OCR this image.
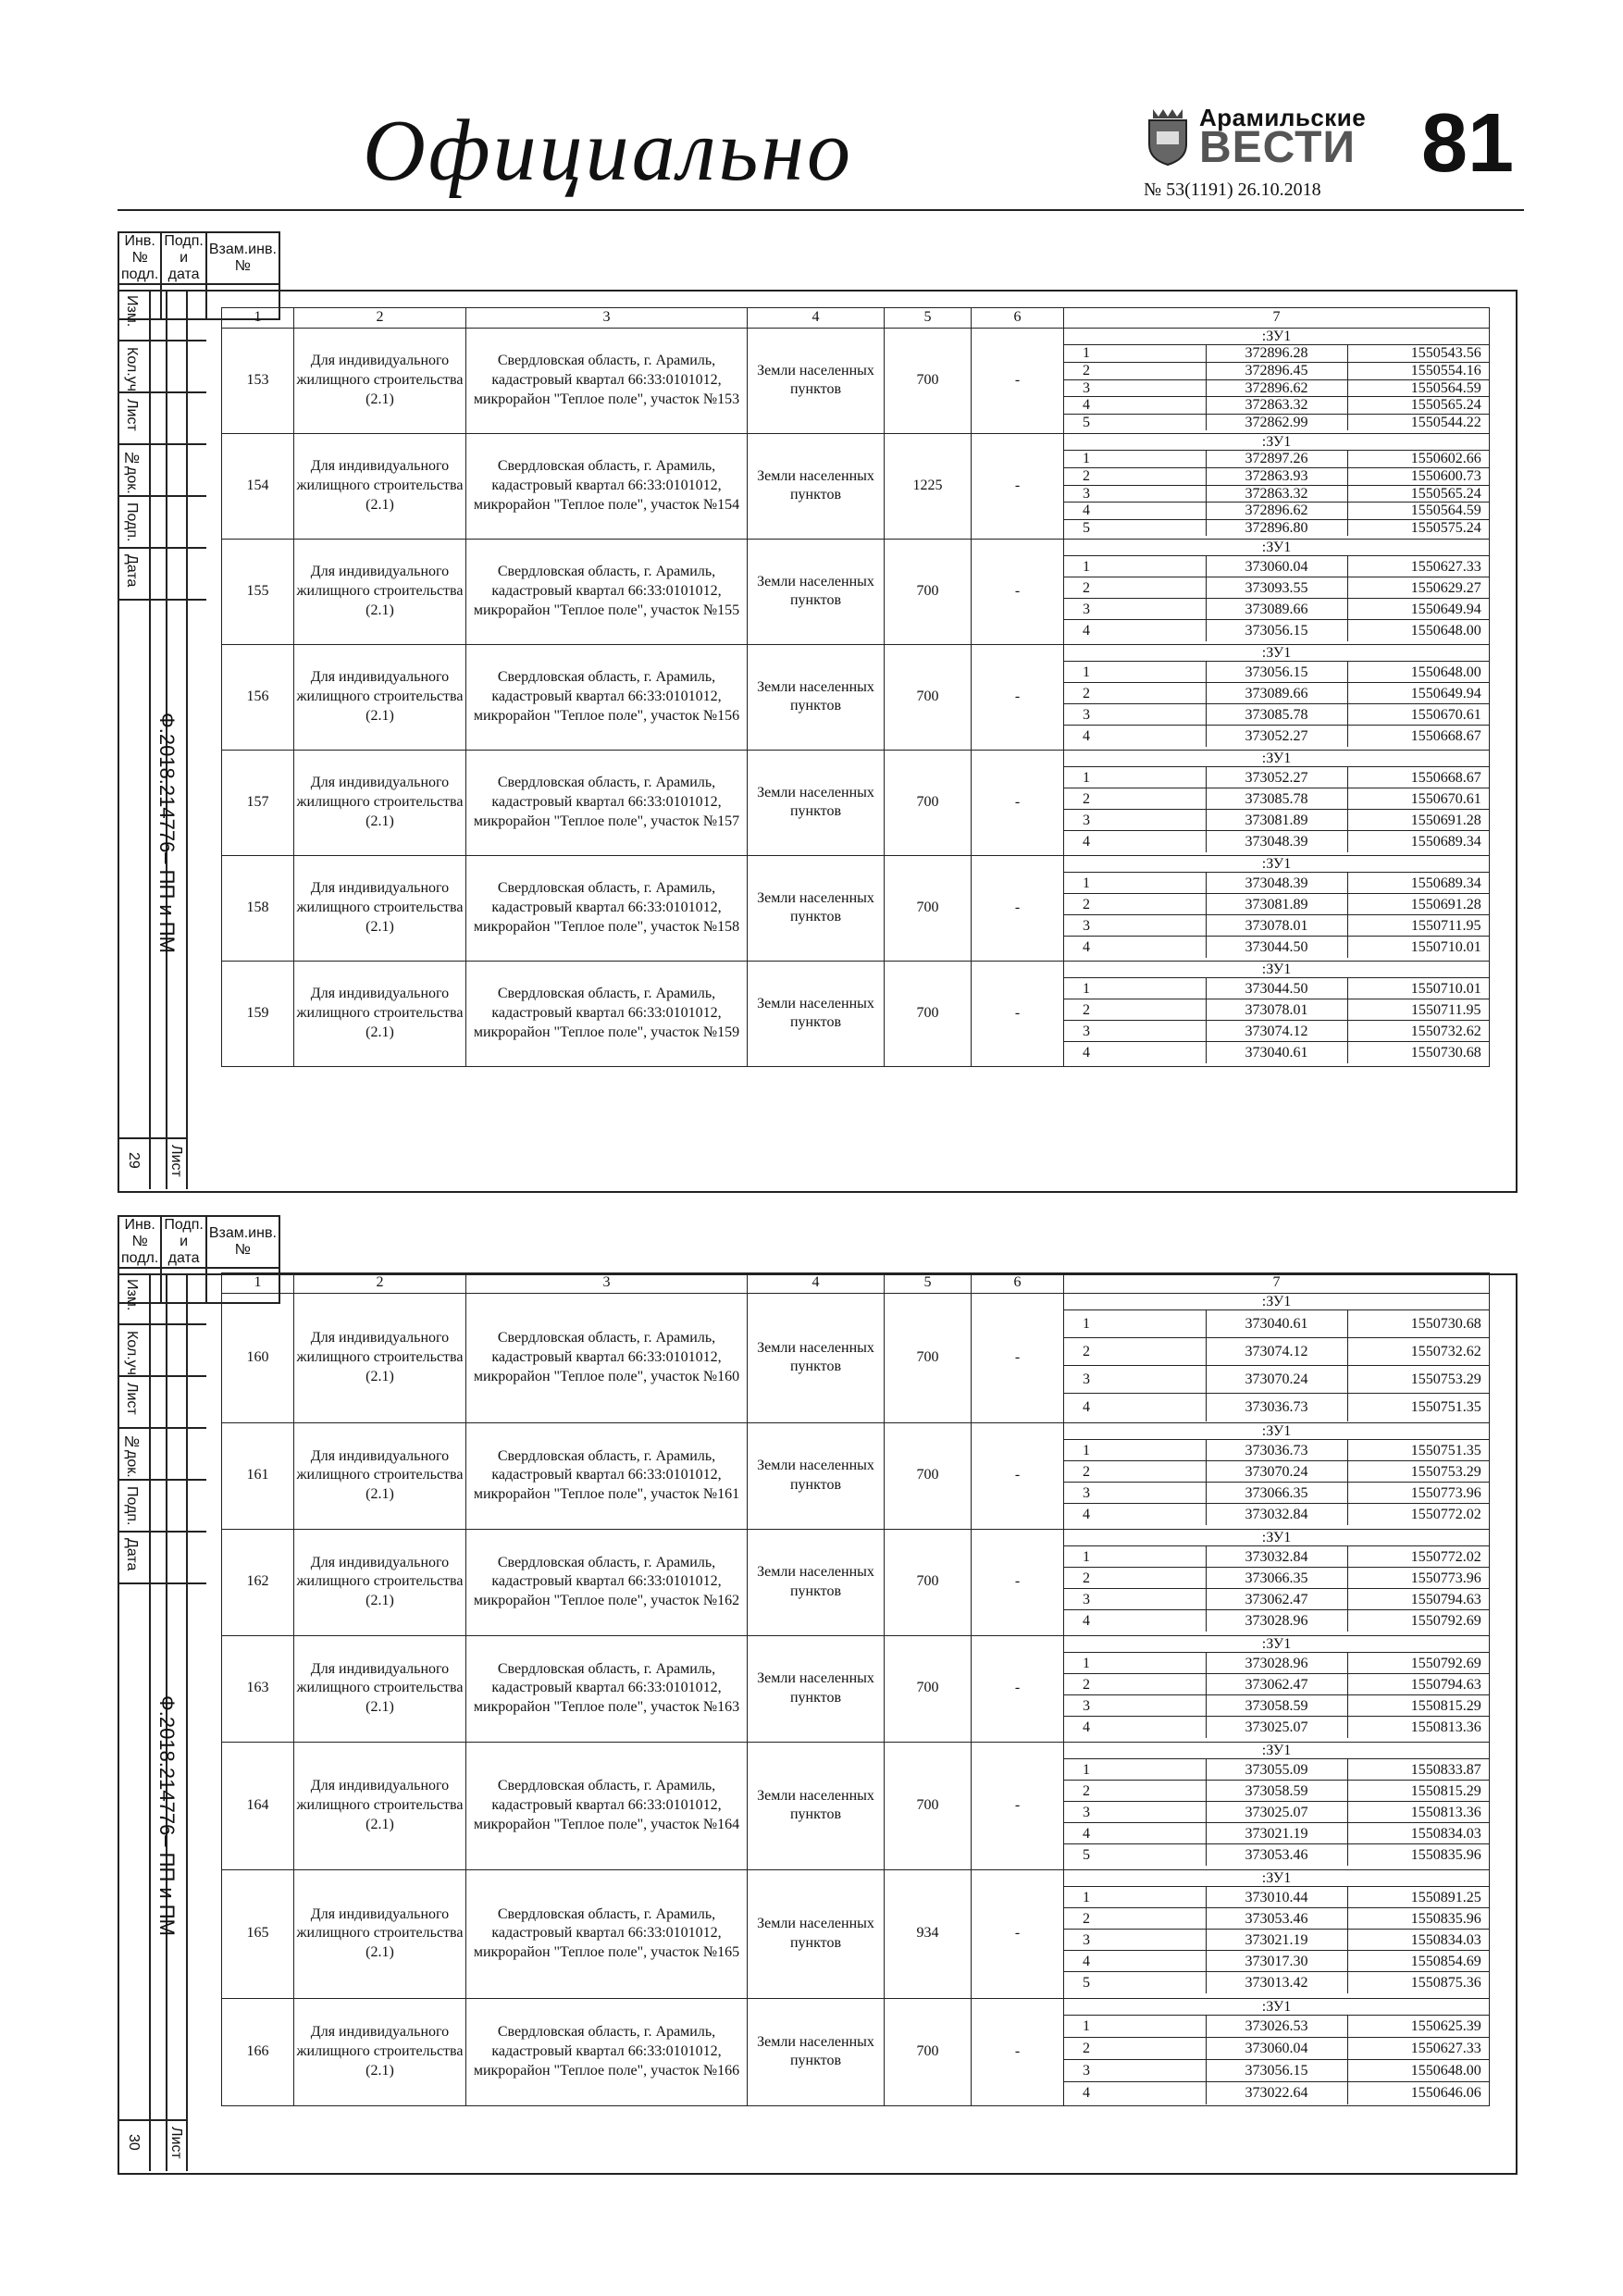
Официально	Арамильские
ВЕСТИ
№ 53(1191) 26.10.2018 81
Инв.№ подл.	Подп. и дата	Взам.инв. №

Изм.
Кол.уч
Лист
№док.
Подп.
Дата
Ф.2018.214776– ПП и ПМ
Лист
29
1	2	3	4	5	6	7
153	Для индивидуального жилищного строительства (2.1)	Свердловская область, г. Арамиль, кадастровый квартал 66:33:0101012, микрорайон "Теплое поле", участок №153	Земли населенных пунктов	700	-	
:ЗУ1
1	372896.28	1550543.56
2	372896.45	1550554.16
3	372896.62	1550564.59
4	372863.32	1550565.24
5	372862.99	1550544.22

154	Для индивидуального жилищного строительства (2.1)	Свердловская область, г. Арамиль, кадастровый квартал 66:33:0101012, микрорайон "Теплое поле", участок №154	Земли населенных пунктов	1225	-	
:ЗУ1
1	372897.26	1550602.66
2	372863.93	1550600.73
3	372863.32	1550565.24
4	372896.62	1550564.59
5	372896.80	1550575.24

155	Для индивидуального жилищного строительства (2.1)	Свердловская область, г. Арамиль, кадастровый квартал 66:33:0101012, микрорайон "Теплое поле", участок №155	Земли населенных пунктов	700	-	
:ЗУ1
1	373060.04	1550627.33
2	373093.55	1550629.27
3	373089.66	1550649.94
4	373056.15	1550648.00

156	Для индивидуального жилищного строительства (2.1)	Свердловская область, г. Арамиль, кадастровый квартал 66:33:0101012, микрорайон "Теплое поле", участок №156	Земли населенных пунктов	700	-	
:ЗУ1
1	373056.15	1550648.00
2	373089.66	1550649.94
3	373085.78	1550670.61
4	373052.27	1550668.67

157	Для индивидуального жилищного строительства (2.1)	Свердловская область, г. Арамиль, кадастровый квартал 66:33:0101012, микрорайон "Теплое поле", участок №157	Земли населенных пунктов	700	-	
:ЗУ1
1	373052.27	1550668.67
2	373085.78	1550670.61
3	373081.89	1550691.28
4	373048.39	1550689.34

158	Для индивидуального жилищного строительства (2.1)	Свердловская область, г. Арамиль, кадастровый квартал 66:33:0101012, микрорайон "Теплое поле", участок №158	Земли населенных пунктов	700	-	
:ЗУ1
1	373048.39	1550689.34
2	373081.89	1550691.28
3	373078.01	1550711.95
4	373044.50	1550710.01

159	Для индивидуального жилищного строительства (2.1)	Свердловская область, г. Арамиль, кадастровый квартал 66:33:0101012, микрорайон "Теплое поле", участок №159	Земли населенных пунктов	700	-	
:ЗУ1
1	373044.50	1550710.01
2	373078.01	1550711.95
3	373074.12	1550732.62
4	373040.61	1550730.68
Инв.№ подл.	Подп. и дата	Взам.инв. №

Изм.
Кол.уч
Лист
№док.
Подп.
Дата
Ф.2018.214776– ПП и ПМ
Лист
30
1	2	3	4	5	6	7
160	Для индивидуального жилищного строительства (2.1)	Свердловская область, г. Арамиль, кадастровый квартал 66:33:0101012, микрорайон "Теплое поле", участок №160	Земли населенных пунктов	700	-	
:ЗУ1
1	373040.61	1550730.68
2	373074.12	1550732.62
3	373070.24	1550753.29
4	373036.73	1550751.35

161	Для индивидуального жилищного строительства (2.1)	Свердловская область, г. Арамиль, кадастровый квартал 66:33:0101012, микрорайон "Теплое поле", участок №161	Земли населенных пунктов	700	-	
:ЗУ1
1	373036.73	1550751.35
2	373070.24	1550753.29
3	373066.35	1550773.96
4	373032.84	1550772.02

162	Для индивидуального жилищного строительства (2.1)	Свердловская область, г. Арамиль, кадастровый квартал 66:33:0101012, микрорайон "Теплое поле", участок №162	Земли населенных пунктов	700	-	
:ЗУ1
1	373032.84	1550772.02
2	373066.35	1550773.96
3	373062.47	1550794.63
4	373028.96	1550792.69

163	Для индивидуального жилищного строительства (2.1)	Свердловская область, г. Арамиль, кадастровый квартал 66:33:0101012, микрорайон "Теплое поле", участок №163	Земли населенных пунктов	700	-	
:ЗУ1
1	373028.96	1550792.69
2	373062.47	1550794.63
3	373058.59	1550815.29
4	373025.07	1550813.36

164	Для индивидуального жилищного строительства (2.1)	Свердловская область, г. Арамиль, кадастровый квартал 66:33:0101012, микрорайон "Теплое поле", участок №164	Земли населенных пунктов	700	-	
:ЗУ1
1	373055.09	1550833.87
2	373058.59	1550815.29
3	373025.07	1550813.36
4	373021.19	1550834.03
5	373053.46	1550835.96

165	Для индивидуального жилищного строительства (2.1)	Свердловская область, г. Арамиль, кадастровый квартал 66:33:0101012, микрорайон "Теплое поле", участок №165	Земли населенных пунктов	934	-	
:ЗУ1
1	373010.44	1550891.25
2	373053.46	1550835.96
3	373021.19	1550834.03
4	373017.30	1550854.69
5	373013.42	1550875.36

166	Для индивидуального жилищного строительства (2.1)	Свердловская область, г. Арамиль, кадастровый квартал 66:33:0101012, микрорайон "Теплое поле", участок №166	Земли населенных пунктов	700	-	
:ЗУ1
1	373026.53	1550625.39
2	373060.04	1550627.33
3	373056.15	1550648.00
4	373022.64	1550646.06
